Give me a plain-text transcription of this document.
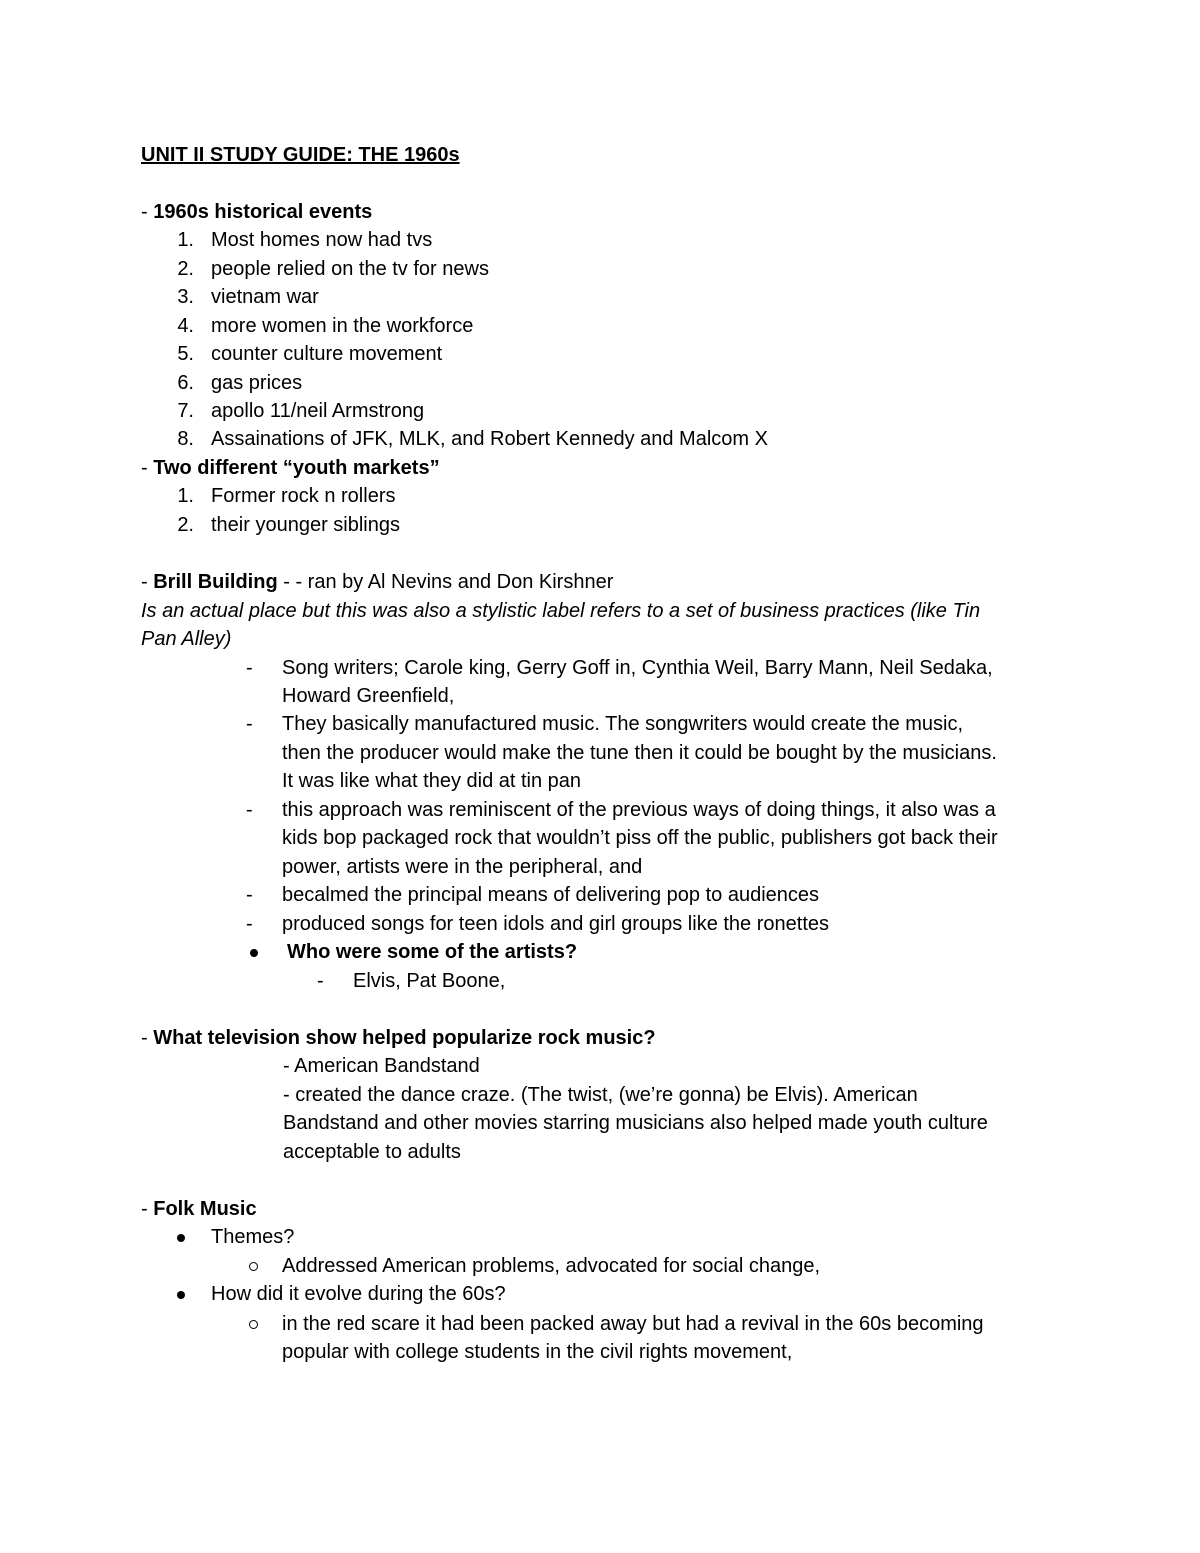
UNIT II STUDY GUIDE: THE 1960s
- 1960s historical events
1. Most homes now had tvs
2. people relied on the tv for news
3. vietnam war
4. more women in the workforce
5. counter culture movement
6. gas prices
7. apollo 11/neil Armstrong
8. Assainations of JFK, MLK, and Robert Kennedy and Malcom X
- Two different “youth markets”
1. Former rock n rollers
2. their younger siblings
- Brill Building - - ran by Al Nevins and Don Kirshner
Is an actual place but this was also a stylistic label refers to a set of business practices (like Tin
Pan Alley)
- Song writers; Carole king, Gerry Goff in, Cynthia Weil, Barry Mann, Neil Sedaka,
Howard Greenfield,
- They basically manufactured music. The songwriters would create the music,
then the producer would make the tune then it could be bought by the musicians.
It was like what they did at tin pan
- this approach was reminiscent of the previous ways of doing things, it also was a
kids bop packaged rock that wouldn’t piss off the public, publishers got back their
power, artists were in the peripheral, and
- becalmed the principal means of delivering pop to audiences
- produced songs for teen idols and girl groups like the ronettes
Who were some of the artists?
- Elvis, Pat Boone,
- What television show helped popularize rock music?
- American Bandstand
- created the dance craze. (The twist, (we’re gonna) be Elvis). American
Bandstand and other movies starring musicians also helped made youth culture
acceptable to adults
- Folk Music
Themes?
Addressed American problems, advocated for social change,
How did it evolve during the 60s?
in the red scare it had been packed away but had a revival in the 60s becoming
popular with college students in the civil rights movement,
